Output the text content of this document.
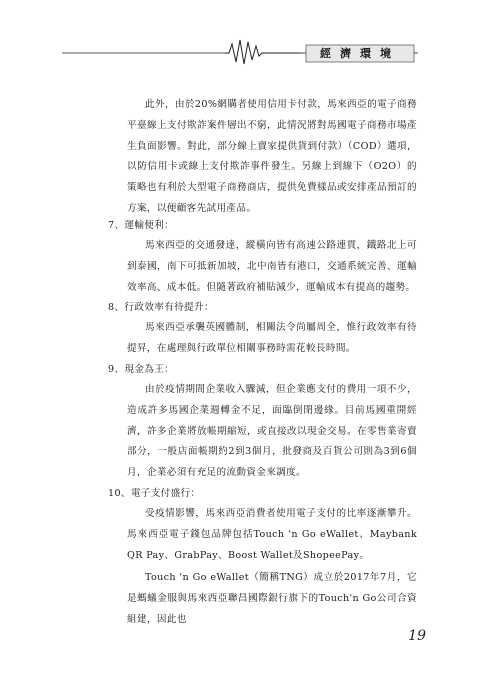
經濟環境
此外，由於20%網購者使用信用卡付款，馬來西亞的電子商務平臺線上支付欺詐案件層出不窮，此情況將對馬國電子商務市場產生負面影響。對此，部分線上賣家提供貨到付款）（COD）選項，以防信用卡或線上支付欺詐事件發生。另線上到線下（O2O）的策略也有利於大型電子商務商店，提供免費樣品或安排產品預訂的方案，以便顧客先試用產品。
7、運輸便利：
馬來西亞的交通發達，縱橫向皆有高速公路連貫，鐵路北上可到泰國，南下可抵新加坡，北中南皆有港口，交通系統完善、運輸效率高、成本低。但隨著政府補貼減少，運輸成本有提高的趨勢。
8、行政效率有待提升：
馬來西亞承襲英國體制，相關法令尚屬周全，惟行政效率有待提昇，在處理與行政單位相關事務時需花較長時間。
9、現金為王：
由於疫情期間企業收入驟減，但企業應支付的費用一項不少，造成許多馬國企業週轉金不足，面臨倒閉邊緣。目前馬國重開經濟，許多企業將放帳期縮短，或直接改以現金交易。在零售業寄賣部分，一般店面帳期約2到3個月，批發商及百貨公司則為3到6個月，企業必須有充足的流動資金來調度。
10、電子支付盛行：
受疫情影響，馬來西亞消費者使用電子支付的比率逐漸攀升。馬來西亞電子錢包品牌包括Touch 'n Go eWallet、Maybank QR Pay、GrabPay、Boost Wallet及ShopeePay。
Touch 'n Go eWallet（簡稱TNG）成立於2017年7月，它是螞蟻金服與馬來西亞聯昌國際銀行旗下的Touch'n Go公司合資組建，因此也
19
